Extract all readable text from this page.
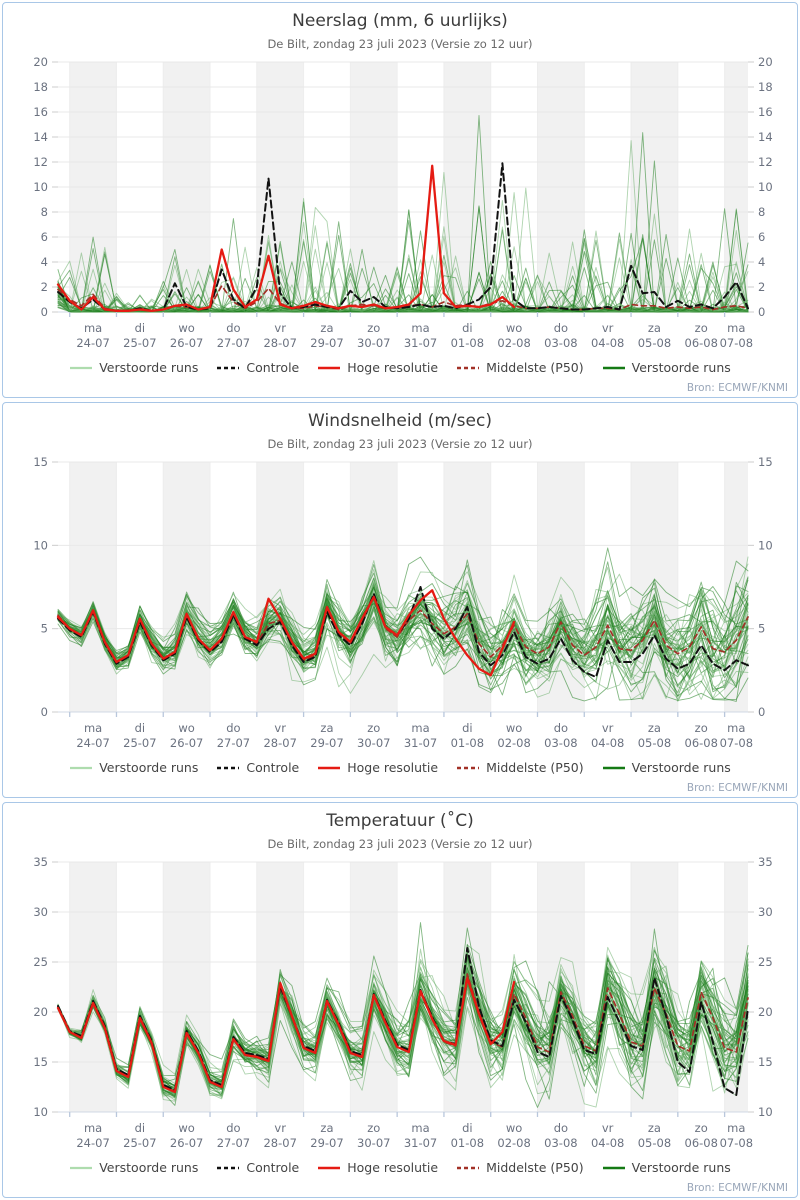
Neerslag (mm, 6 uurlijks)
De Bilt, zondag 23 juli 2023 (Versie zo 12 uur)
0	0
2	2
4	4
6	6
8	8
10	10
12	12
14	14
16	16
18	18
20	20
ma
24-07
di
25-07
wo
26-07
do
27-07
vr
28-07
za
29-07
zo
30-07
ma
31-07
di
01-08
wo
02-08
do
03-08
vr
04-08
za
05-08
zo
06-08
ma
07-08
Verstoorde runs	Controle	Hoge resolutie	Middelste (P50)	Verstoorde runs
Bron: ECMWF/KNMI
Windsnelheid (m/sec)
De Bilt, zondag 23 juli 2023 (Versie zo 12 uur)
0	0
5	5
10	10
15	15
ma
24-07
di
25-07
wo
26-07
do
27-07
vr
28-07
za
29-07
zo
30-07
ma
31-07
di
01-08
wo
02-08
do
03-08
vr
04-08
za
05-08
zo
06-08
ma
07-08
Verstoorde runs	Controle	Hoge resolutie	Middelste (P50)	Verstoorde runs
Bron: ECMWF/KNMI
Temperatuur (˚C)
De Bilt, zondag 23 juli 2023 (Versie zo 12 uur)
10	10
15	15
20	20
25	25
30	30
35	35
ma
24-07
di
25-07
wo
26-07
do
27-07
vr
28-07
za
29-07
zo
30-07
ma
31-07
di
01-08
wo
02-08
do
03-08
vr
04-08
za
05-08
zo
06-08
ma
07-08
Verstoorde runs	Controle	Hoge resolutie	Middelste (P50)	Verstoorde runs
Bron: ECMWF/KNMI
